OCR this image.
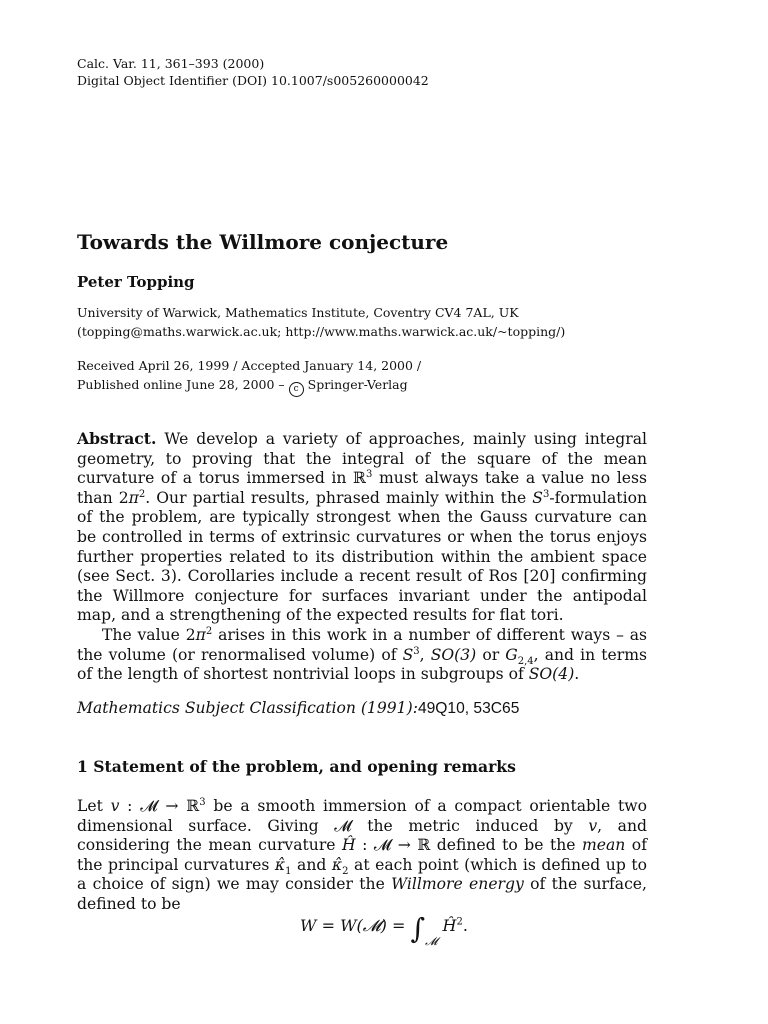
Calc. Var. 11, 361–393 (2000)
Digital Object Identifier (DOI) 10.1007/s005260000042
Towards the Willmore conjecture
Peter Topping
University of Warwick, Mathematics Institute, Coventry CV4 7AL, UK
(topping@maths.warwick.ac.uk; http://www.maths.warwick.ac.uk/~topping/)
Received April 26, 1999 / Accepted January 14, 2000 /
Published online June 28, 2000 – c Springer-Verlag
Abstract. We develop a variety of approaches, mainly using integral geometry, to proving that the integral of the square of the mean curvature of a torus immersed in ℝ$^3$ must always take a value no less than $2\pi^2$. Our partial results, phrased mainly within the $S^3$-formulation of the problem, are typically strongest when the Gauss curvature can be controlled in terms of extrinsic curvatures or when the torus enjoys further properties related to its distribution within the ambient space (see Sect. 3). Corollaries include a recent result of Ros [20] confirming the Willmore conjecture for surfaces invariant under the antipodal map, and a strengthening of the expected results for flat tori.
The value $2\pi^2$ arises in this work in a number of different ways – as the volume (or renormalised volume) of $S^3$, SO(3) or $G_{2,4}$, and in terms of the length of shortest nontrivial loops in subgroups of SO(4).
Mathematics Subject Classification (1991):49Q10, 53C65
1 Statement of the problem, and opening remarks
Let v : 𝓜 → ℝ$^3$ be a smooth immersion of a compact orientable two dimensional surface. Giving 𝓜 the metric induced by v, and considering the mean curvature Ĥ : 𝓜 → ℝ defined to be the mean of the principal curvatures $\kappâ_1$ and $\kappâ_2$ at each point (which is defined up to a choice of sign) we may consider the Willmore energy of the surface, defined to be
W = W(𝓜) = $\int_𝓜$ $Ĥ^2$.
